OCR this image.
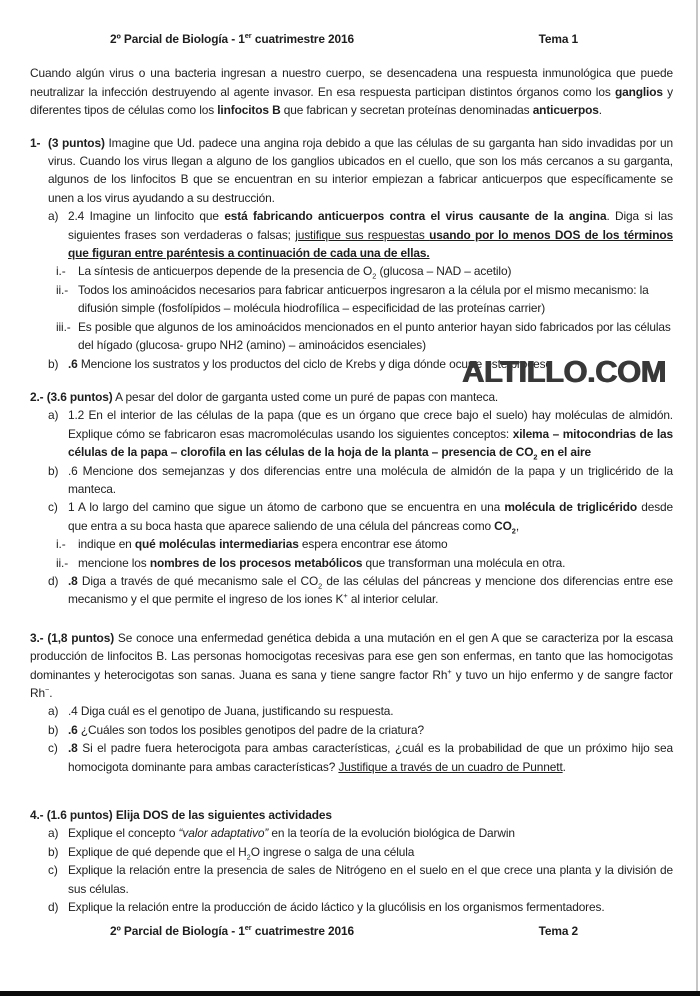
2º Parcial de Biología - 1er cuatrimestre 2016	Tema 1
Cuando algún virus o una bacteria ingresan a nuestro cuerpo, se desencadena una respuesta inmunológica que puede neutralizar la infección destruyendo al agente invasor. En esa respuesta participan distintos órganos como los ganglios y diferentes tipos de células como los linfocitos B que fabrican y secretan proteínas denominadas anticuerpos.
1- (3 puntos) Imagine que Ud. padece una angina roja debido a que las células de su garganta han sido invadidas por un virus. Cuando los virus llegan a alguno de los ganglios ubicados en el cuello, que son los más cercanos a su garganta, algunos de los linfocitos B que se encuentran en su interior empiezan a fabricar anticuerpos que específicamente se unen a los virus ayudando a su destrucción.
a) 2.4 Imagine un linfocito que está fabricando anticuerpos contra el virus causante de la angina. Diga si las siguientes frases son verdaderas o falsas; justifique sus respuestas usando por lo menos DOS de los términos que figuran entre paréntesis a continuación de cada una de ellas.
i.- La síntesis de anticuerpos depende de la presencia de $O_2$ (glucosa – NAD – acetilo)
ii.- Todos los aminoácidos necesarios para fabricar anticuerpos ingresaron a la célula por el mismo mecanismo: la difusión simple (fosfolípidos – molécula hiodrofílica – especificidad de las proteínas carrier)
iii.- Es posible que algunos de los aminoácidos mencionados en el punto anterior hayan sido fabricados por las células del hígado (glucosa- grupo NH2 (amino) – aminoácidos esenciales)
b) .6 Mencione los sustratos y los productos del ciclo de Krebs y diga dónde ocurre este proceso
2.- (3.6 puntos) A pesar del dolor de garganta usted come un puré de papas con manteca.
a) 1.2 En el interior de las células de la papa (que es un órgano que crece bajo el suelo) hay moléculas de almidón. Explique cómo se fabricaron esas macromoléculas usando los siguientes conceptos: xilema – mitocondrias de las células de la papa – clorofila en las células de la hoja de la planta – presencia de $CO_2$ en el aire
b) .6 Mencione dos semejanzas y dos diferencias entre una molécula de almidón de la papa y un triglicérido de la manteca.
c) 1 A lo largo del camino que sigue un átomo de carbono que se encuentra en una molécula de triglicérido desde que entra a su boca hasta que aparece saliendo de una célula del páncreas como $CO_2$,
i.- indique en qué moléculas intermediarias espera encontrar ese átomo
ii.- mencione los nombres de los procesos metabólicos que transforman una molécula en otra.
d) .8 Diga a través de qué mecanismo sale el $CO_2$ de las células del páncreas y mencione dos diferencias entre ese mecanismo y el que permite el ingreso de los iones K+ al interior celular.
3.- (1,8 puntos) Se conoce una enfermedad genética debida a una mutación en el gen A que se caracteriza por la escasa producción de linfocitos B. Las personas homocigotas recesivas para ese gen son enfermas, en tanto que las homocigotas dominantes y heterocigotas son sanas. Juana es sana y tiene sangre factor Rh+ y tuvo un hijo enfermo y de sangre factor Rh−.
a) .4 Diga cuál es el genotipo de Juana, justificando su respuesta.
b) .6 ¿Cuáles son todos los posibles genotipos del padre de la criatura?
c) .8 Si el padre fuera heterocigota para ambas características, ¿cuál es la probabilidad de que un próximo hijo sea homocigota dominante para ambas características? Justifique a través de un cuadro de Punnett.
4.- (1.6 puntos) Elija DOS de las siguientes actividades
a) Explique el concepto “valor adaptativo” en la teoría de la evolución biológica de Darwin
b) Explique de qué depende que el $H_2O$ ingrese o salga de una célula
c) Explique la relación entre la presencia de sales de Nitrógeno en el suelo en el que crece una planta y la división de sus células.
d) Explique la relación entre la producción de ácido láctico y la glucólisis en los organismos fermentadores.
2º Parcial de Biología - 1er cuatrimestre 2016	Tema 2
ALTILLO.COM
